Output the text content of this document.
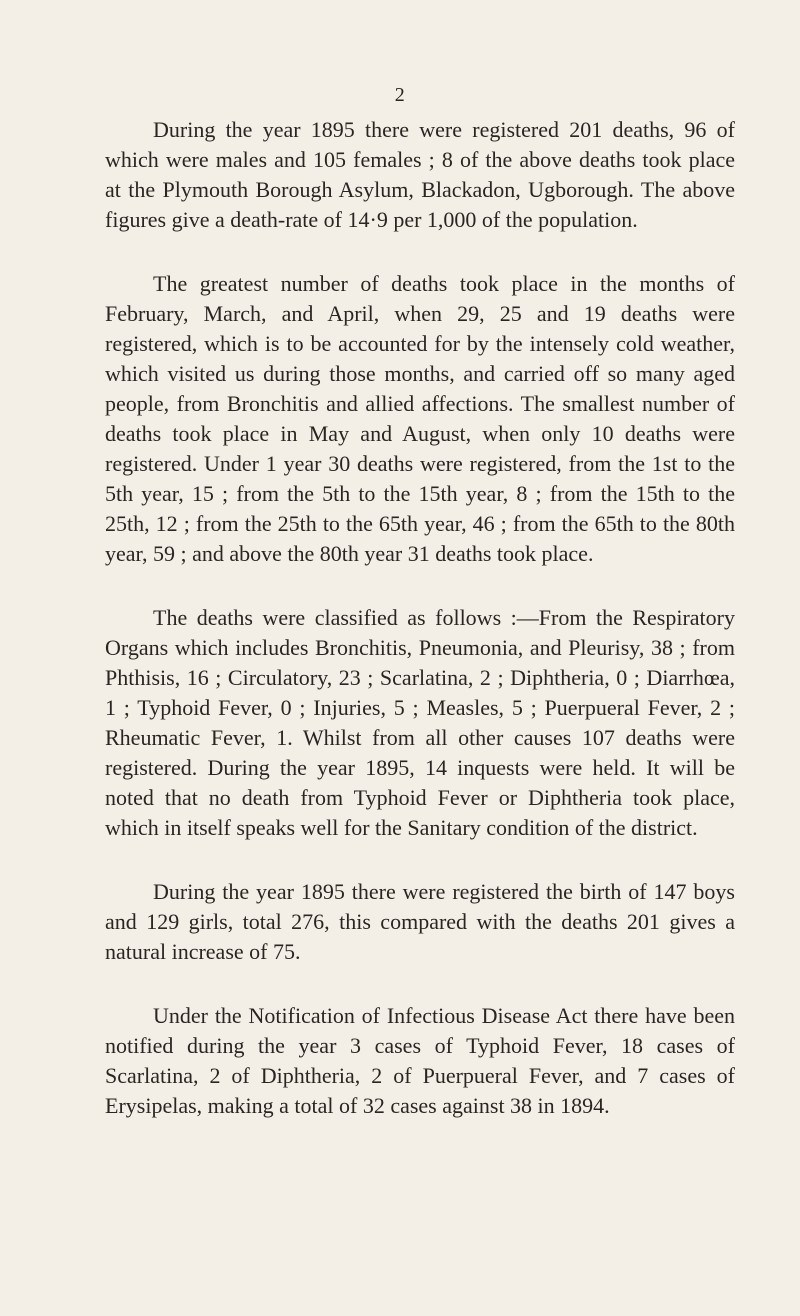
2

During the year 1895 there were registered 201 deaths, 96 of which were males and 105 females ; 8 of the above deaths took place at the Plymouth Borough Asylum, Blackadon, Ugborough. The above figures give a death-rate of 14·9 per 1,000 of the population.

The greatest number of deaths took place in the months of February, March, and April, when 29, 25 and 19 deaths were registered, which is to be accounted for by the intensely cold weather, which visited us during those months, and carried off so many aged people, from Bronchitis and allied affections. The smallest number of deaths took place in May and August, when only 10 deaths were registered. Under 1 year 30 deaths were registered, from the 1st to the 5th year, 15 ; from the 5th to the 15th year, 8 ; from the 15th to the 25th, 12 ; from the 25th to the 65th year, 46 ; from the 65th to the 80th year, 59 ; and above the 80th year 31 deaths took place.

The deaths were classified as follows :—From the Respiratory Organs which includes Bronchitis, Pneumonia, and Pleurisy, 38 ; from Phthisis, 16 ; Circulatory, 23 ; Scarlatina, 2 ; Diphtheria, 0 ; Diarrhœa, 1 ; Typhoid Fever, 0 ; Injuries, 5 ; Measles, 5 ; Puerpueral Fever, 2 ; Rheumatic Fever, 1. Whilst from all other causes 107 deaths were registered. During the year 1895, 14 inquests were held. It will be noted that no death from Typhoid Fever or Diphtheria took place, which in itself speaks well for the Sanitary condition of the district.

During the year 1895 there were registered the birth of 147 boys and 129 girls, total 276, this compared with the deaths 201 gives a natural increase of 75.

Under the Notification of Infectious Disease Act there have been notified during the year 3 cases of Typhoid Fever, 18 cases of Scarlatina, 2 of Diphtheria, 2 of Puerpueral Fever, and 7 cases of Erysipelas, making a total of 32 cases against 38 in 1894.
